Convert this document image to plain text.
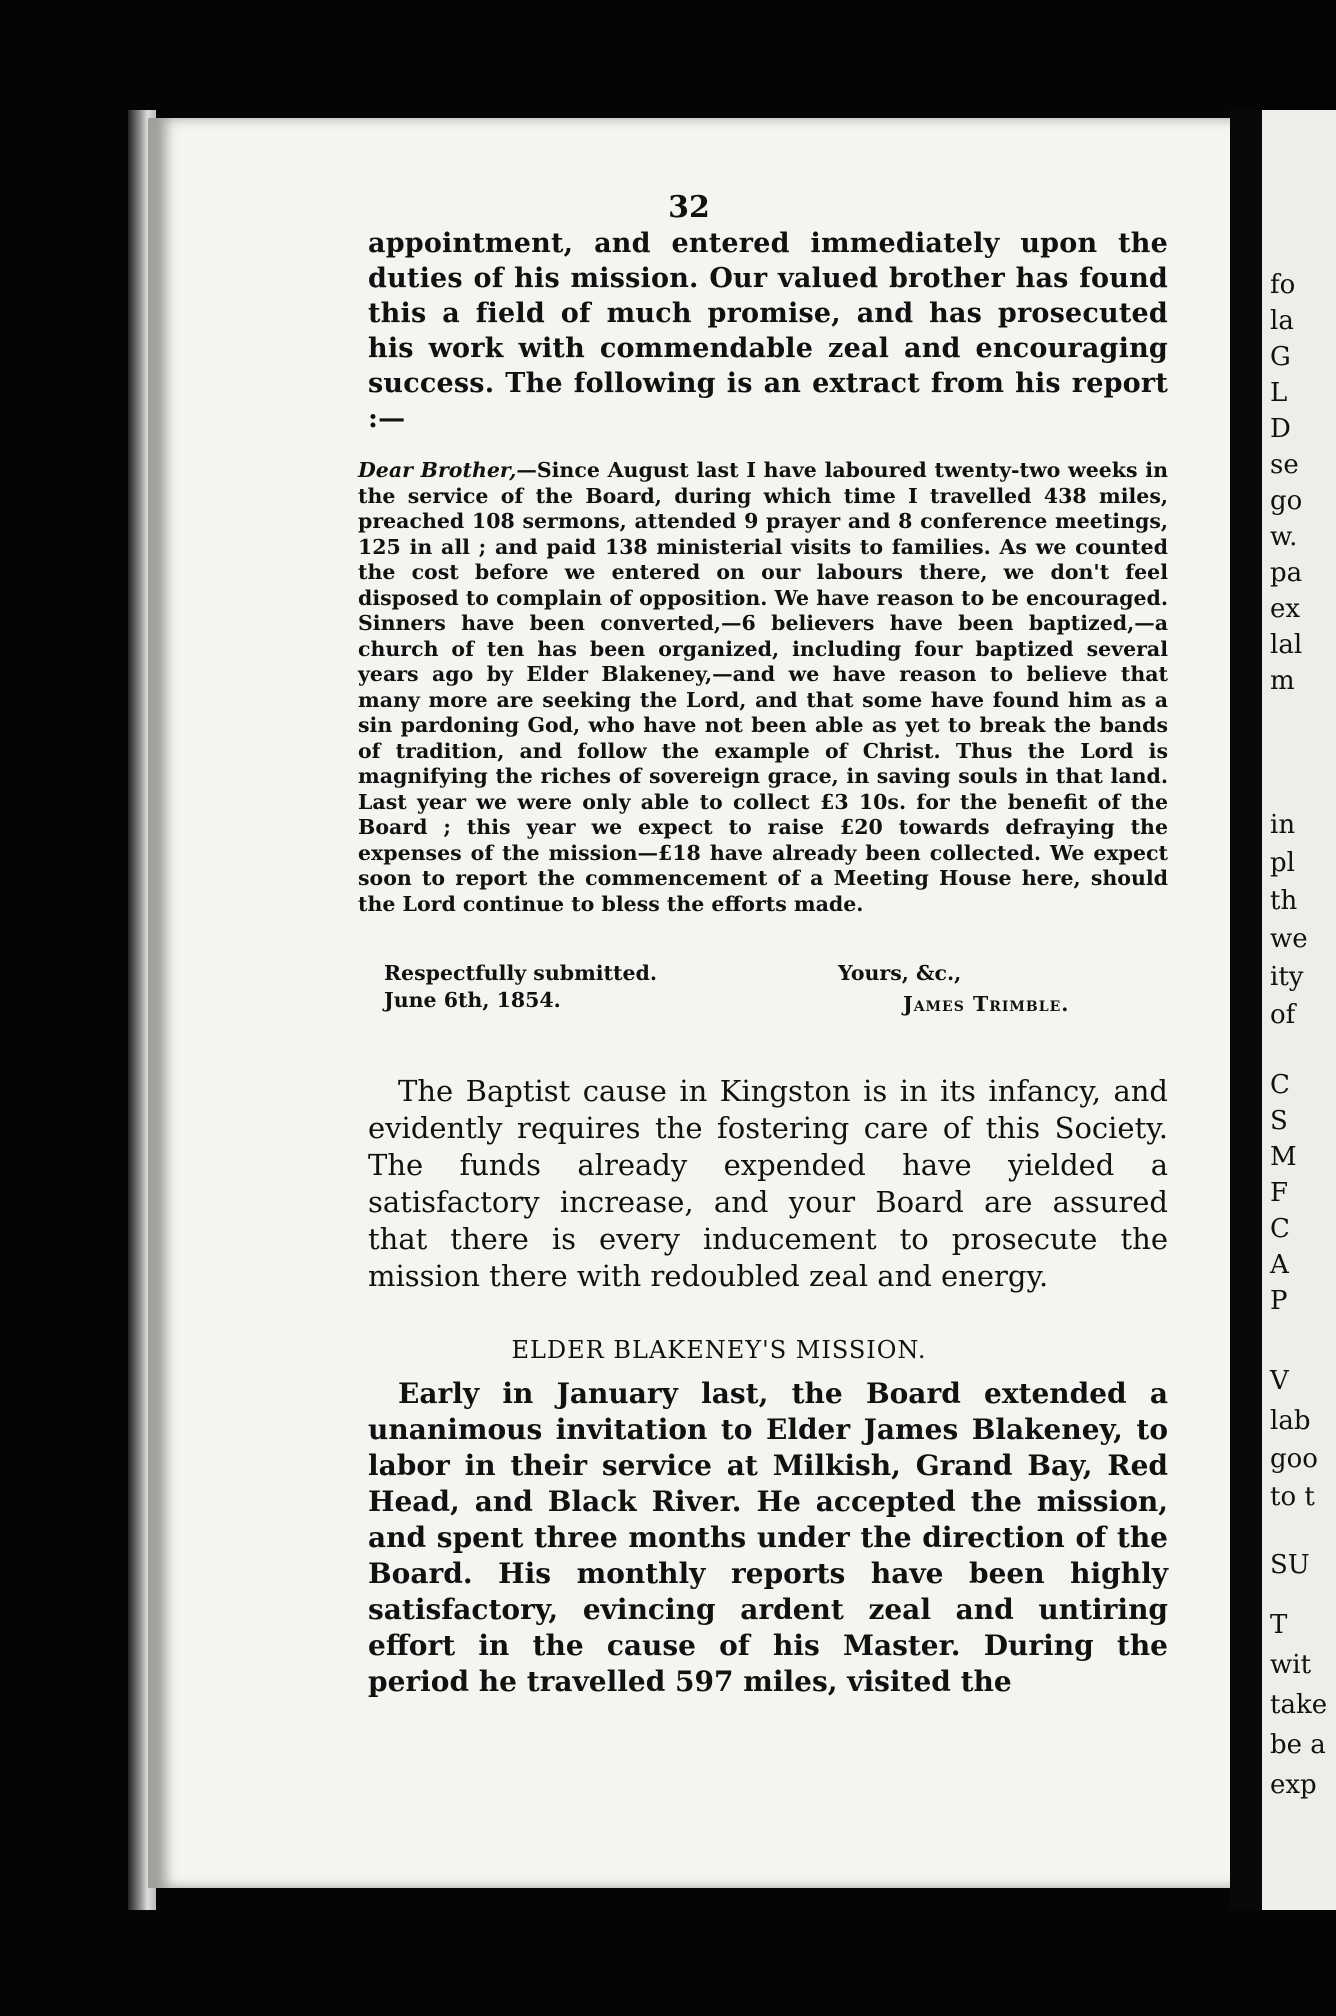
32
appointment, and entered immediately upon the duties of his mission. Our valued brother has found this a field of much promise, and has prosecuted his work with commendable zeal and encouraging success. The following is an extract from his report :—
Dear Brother,—Since August last I have laboured twenty-two weeks in the service of the Board, during which time I travelled 438 miles, preached 108 sermons, attended 9 prayer and 8 conference meetings, 125 in all ; and paid 138 ministerial visits to families. As we counted the cost before we entered on our labours there, we don't feel disposed to complain of opposition. We have reason to be encouraged. Sinners have been converted,—6 believers have been baptized,—a church of ten has been organized, including four baptized several years ago by Elder Blakeney,—and we have reason to believe that many more are seeking the Lord, and that some have found him as a sin pardoning God, who have not been able as yet to break the bands of tradition, and follow the example of Christ. Thus the Lord is magnifying the riches of sovereign grace, in saving souls in that land. Last year we were only able to collect £3 10s. for the benefit of the Board ; this year we expect to raise £20 towards defraying the expenses of the mission—£18 have already been collected. We expect soon to report the commencement of a Meeting House here, should the Lord continue to bless the efforts made.
Respectfully submitted.	Yours, &c.,
June 6th, 1854.	James Trimble.
The Baptist cause in Kingston is in its infancy, and evidently requires the fostering care of this Society. The funds already expended have yielded a satisfactory increase, and your Board are assured that there is every inducement to prosecute the mission there with redoubled zeal and energy.
ELDER BLAKENEY'S MISSION.
Early in January last, the Board extended a unanimous invitation to Elder James Blakeney, to labor in their service at Milkish, Grand Bay, Red Head, and Black River. He accepted the mission, and spent three months under the direction of the Board. His monthly reports have been highly satisfactory, evincing ardent zeal and untiring effort in the cause of his Master. During the period he travelled 597 miles, visited the
fo
la
G
L
D
se
go
w.
pa
ex
lal
m
in
pl
th
we
ity
of
C
S
M
F
C
A
P
V
lab
goo
to t
SU
T
wit
take
be a
exp
